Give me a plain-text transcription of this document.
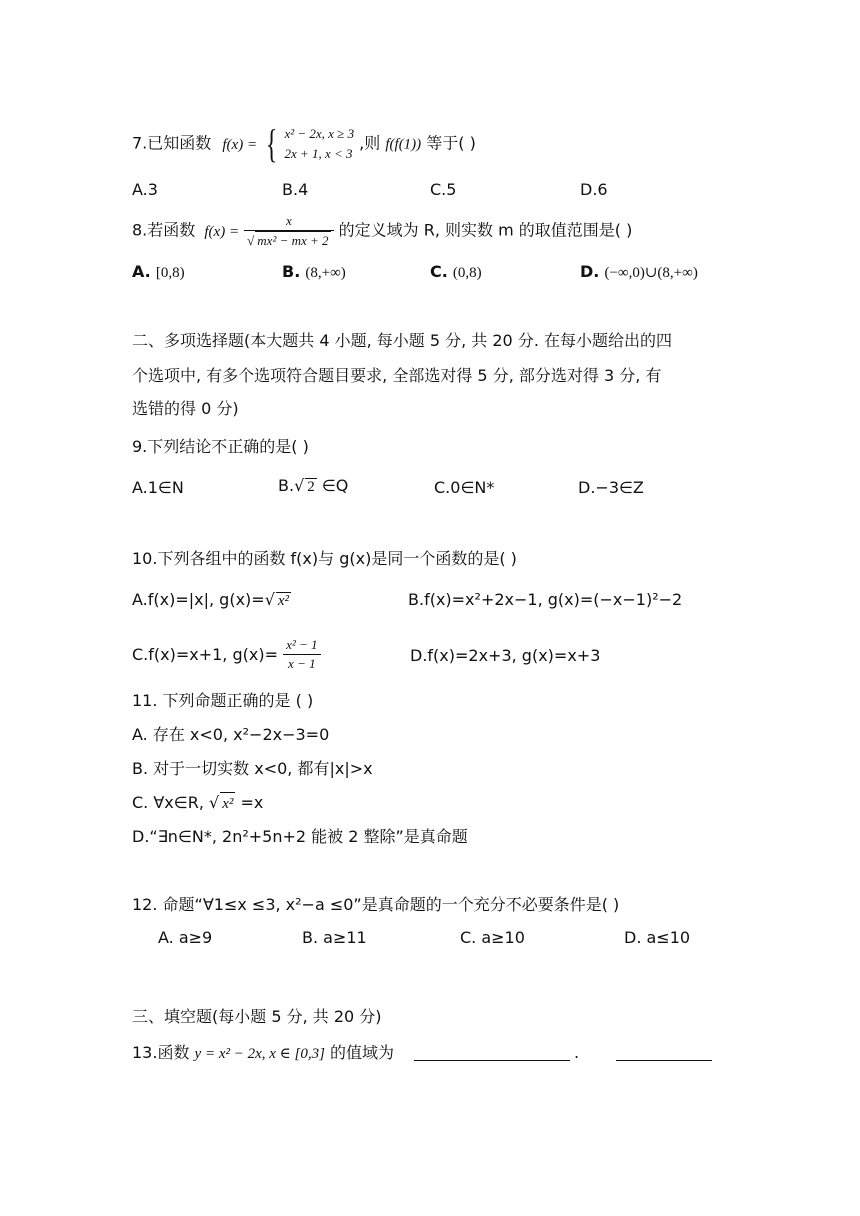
7.已知函数 f(x) = { x² − 2x, x ≥ 3
2x + 1, x < 3
,则 f(f(1)) 等于( )
A.3	B.4	C.5	D.6
8.若函数 $f(x) = \frac{x}{\text{√ mx² − mx + 2}}$ 的定义域为 R, 则实数 m 的取值范围是( )
A. [0,8)	B. (8,+∞)	C. (0,8)	D. (−∞,0)∪(8,+∞)
二、多项选择题(本大题共 4 小题, 每小题 5 分, 共 20 分. 在每小题给出的四
个选项中, 有多个选项符合题目要求, 全部选对得 5 分, 部分选对得 3 分, 有
选错的得 0 分)
9.下列结论不正确的是( )
A.1∈N	B.√ 2 ∈Q	C.0∈N*	D.−3∈Z
10.下列各组中的函数 f(x)与 g(x)是同一个函数的是( )
A.f(x)=|x|, g(x)=√ x²	B.f(x)=x²+2x−1, g(x)=(−x−1)²−2
C.f(x)=x+1, $g(x)= \frac{\text{x² − 1}}{x - 1}$	D.f(x)=2x+3, g(x)=x+3
11. 下列命题正确的是 ( )
A. 存在 x<0, x²−2x−3=0
B. 对于一切实数 x<0, 都有|x|>x
C. ∀x∈R, √ x² =x
D.“∃n∈N*, 2n²+5n+2 能被 2 整除”是真命题
12. 命题“∀1≤x ≤3, x²−a ≤0”是真命题的一个充分不必要条件是( )
A. a≥9	B. a≥11	C. a≥10	D. a≤10
三、填空题(每小题 5 分, 共 20 分)
13.函数 y = x² − 2x, x ∈ [0,3] 的值域为	.
